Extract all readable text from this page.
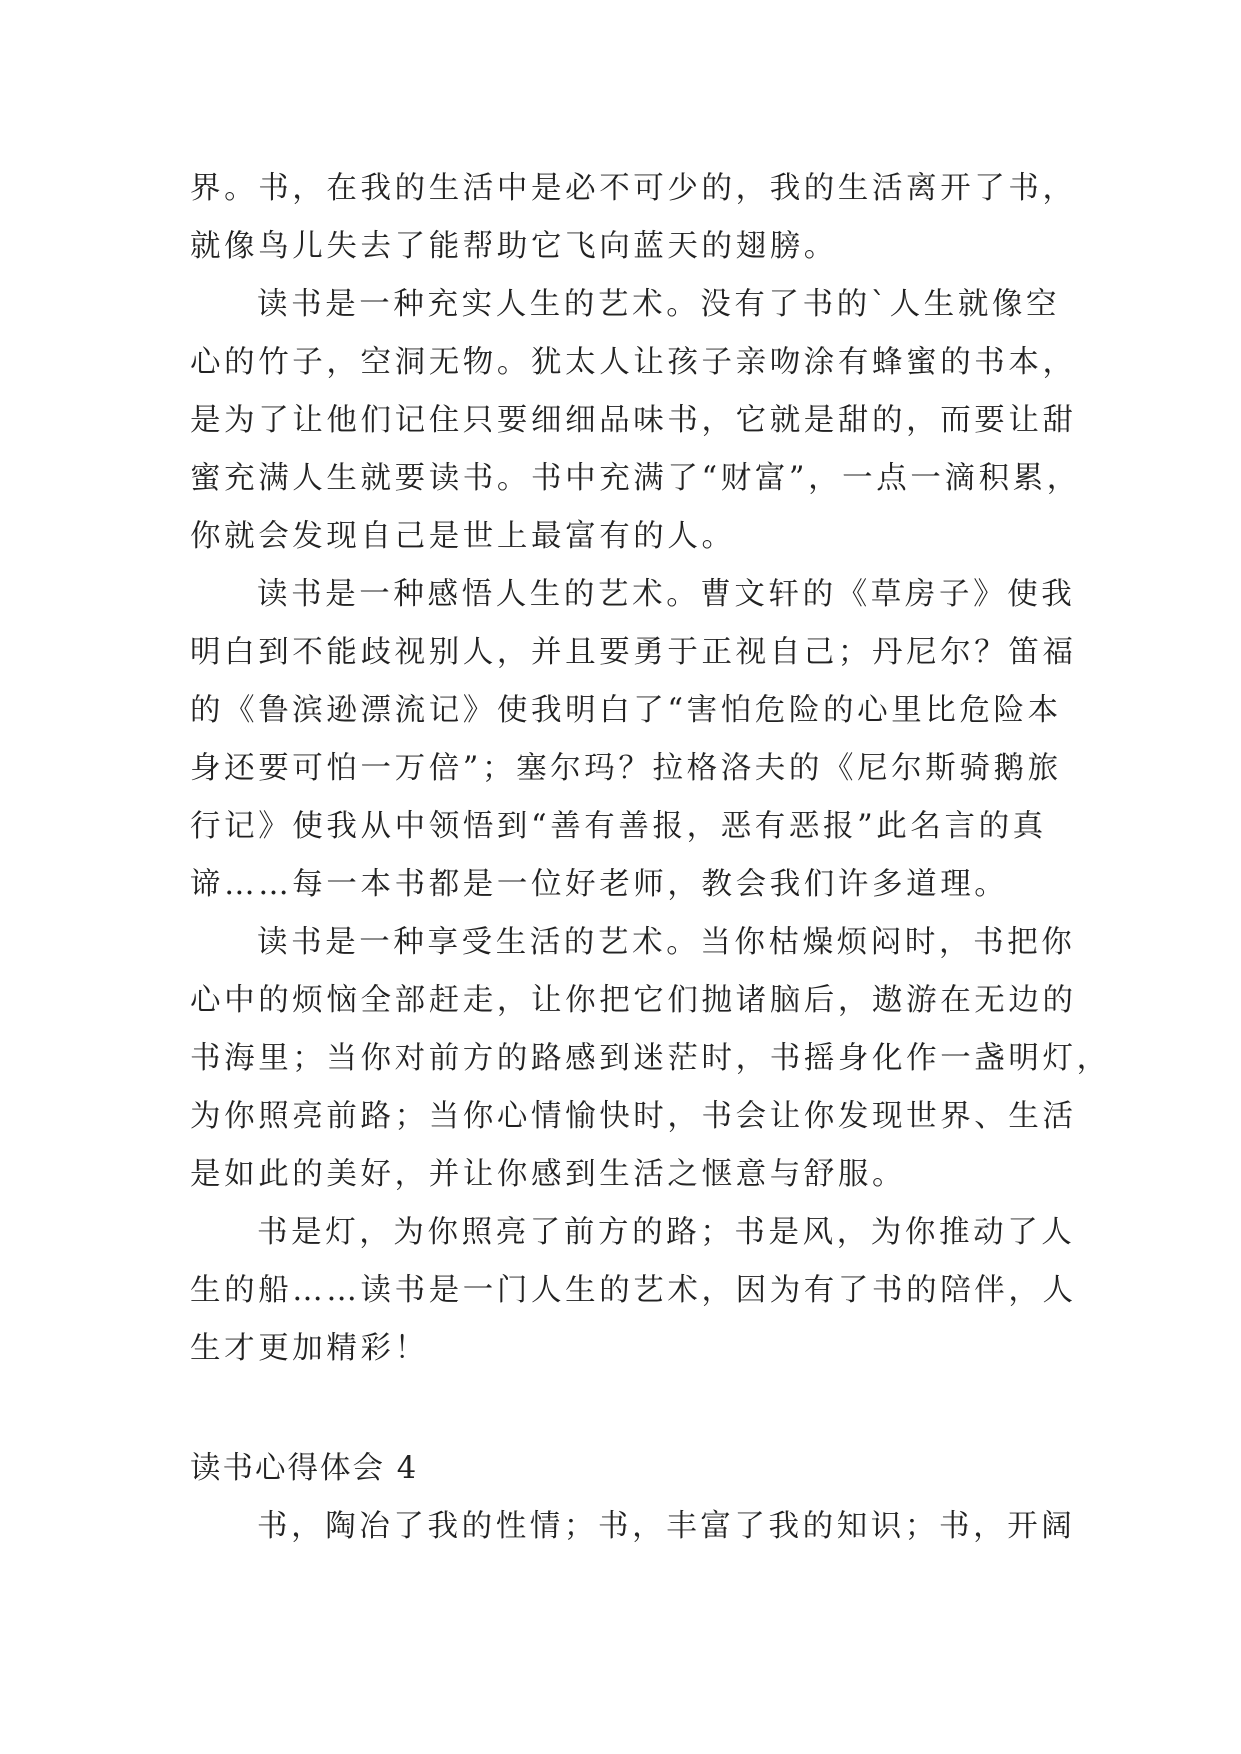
界。书，在我的生活中是必不可少的，我的生活离开了书，
就像鸟儿失去了能帮助它飞向蓝天的翅膀。
读书是一种充实人生的艺术。没有了书的`人生就像空
心的竹子，空洞无物。犹太人让孩子亲吻涂有蜂蜜的书本，
是为了让他们记住只要细细品味书，它就是甜的，而要让甜
蜜充满人生就要读书。书中充满了“财富”，一点一滴积累，
你就会发现自己是世上最富有的人。
读书是一种感悟人生的艺术。曹文轩的《草房子》使我
明白到不能歧视别人，并且要勇于正视自己；丹尼尔？笛福
的《鲁滨逊漂流记》使我明白了“害怕危险的心里比危险本
身还要可怕一万倍”；塞尔玛？拉格洛夫的《尼尔斯骑鹅旅
行记》使我从中领悟到“善有善报，恶有恶报”此名言的真
谛……每一本书都是一位好老师，教会我们许多道理。
读书是一种享受生活的艺术。当你枯燥烦闷时，书把你
心中的烦恼全部赶走，让你把它们抛诸脑后，遨游在无边的
书海里；当你对前方的路感到迷茫时，书摇身化作一盏明灯，
为你照亮前路；当你心情愉快时，书会让你发现世界、生活
是如此的美好，并让你感到生活之惬意与舒服。
书是灯，为你照亮了前方的路；书是风，为你推动了人
生的船……读书是一门人生的艺术，因为有了书的陪伴，人
生才更加精彩！
读书心得体会 4
书，陶冶了我的性情；书，丰富了我的知识；书，开阔
